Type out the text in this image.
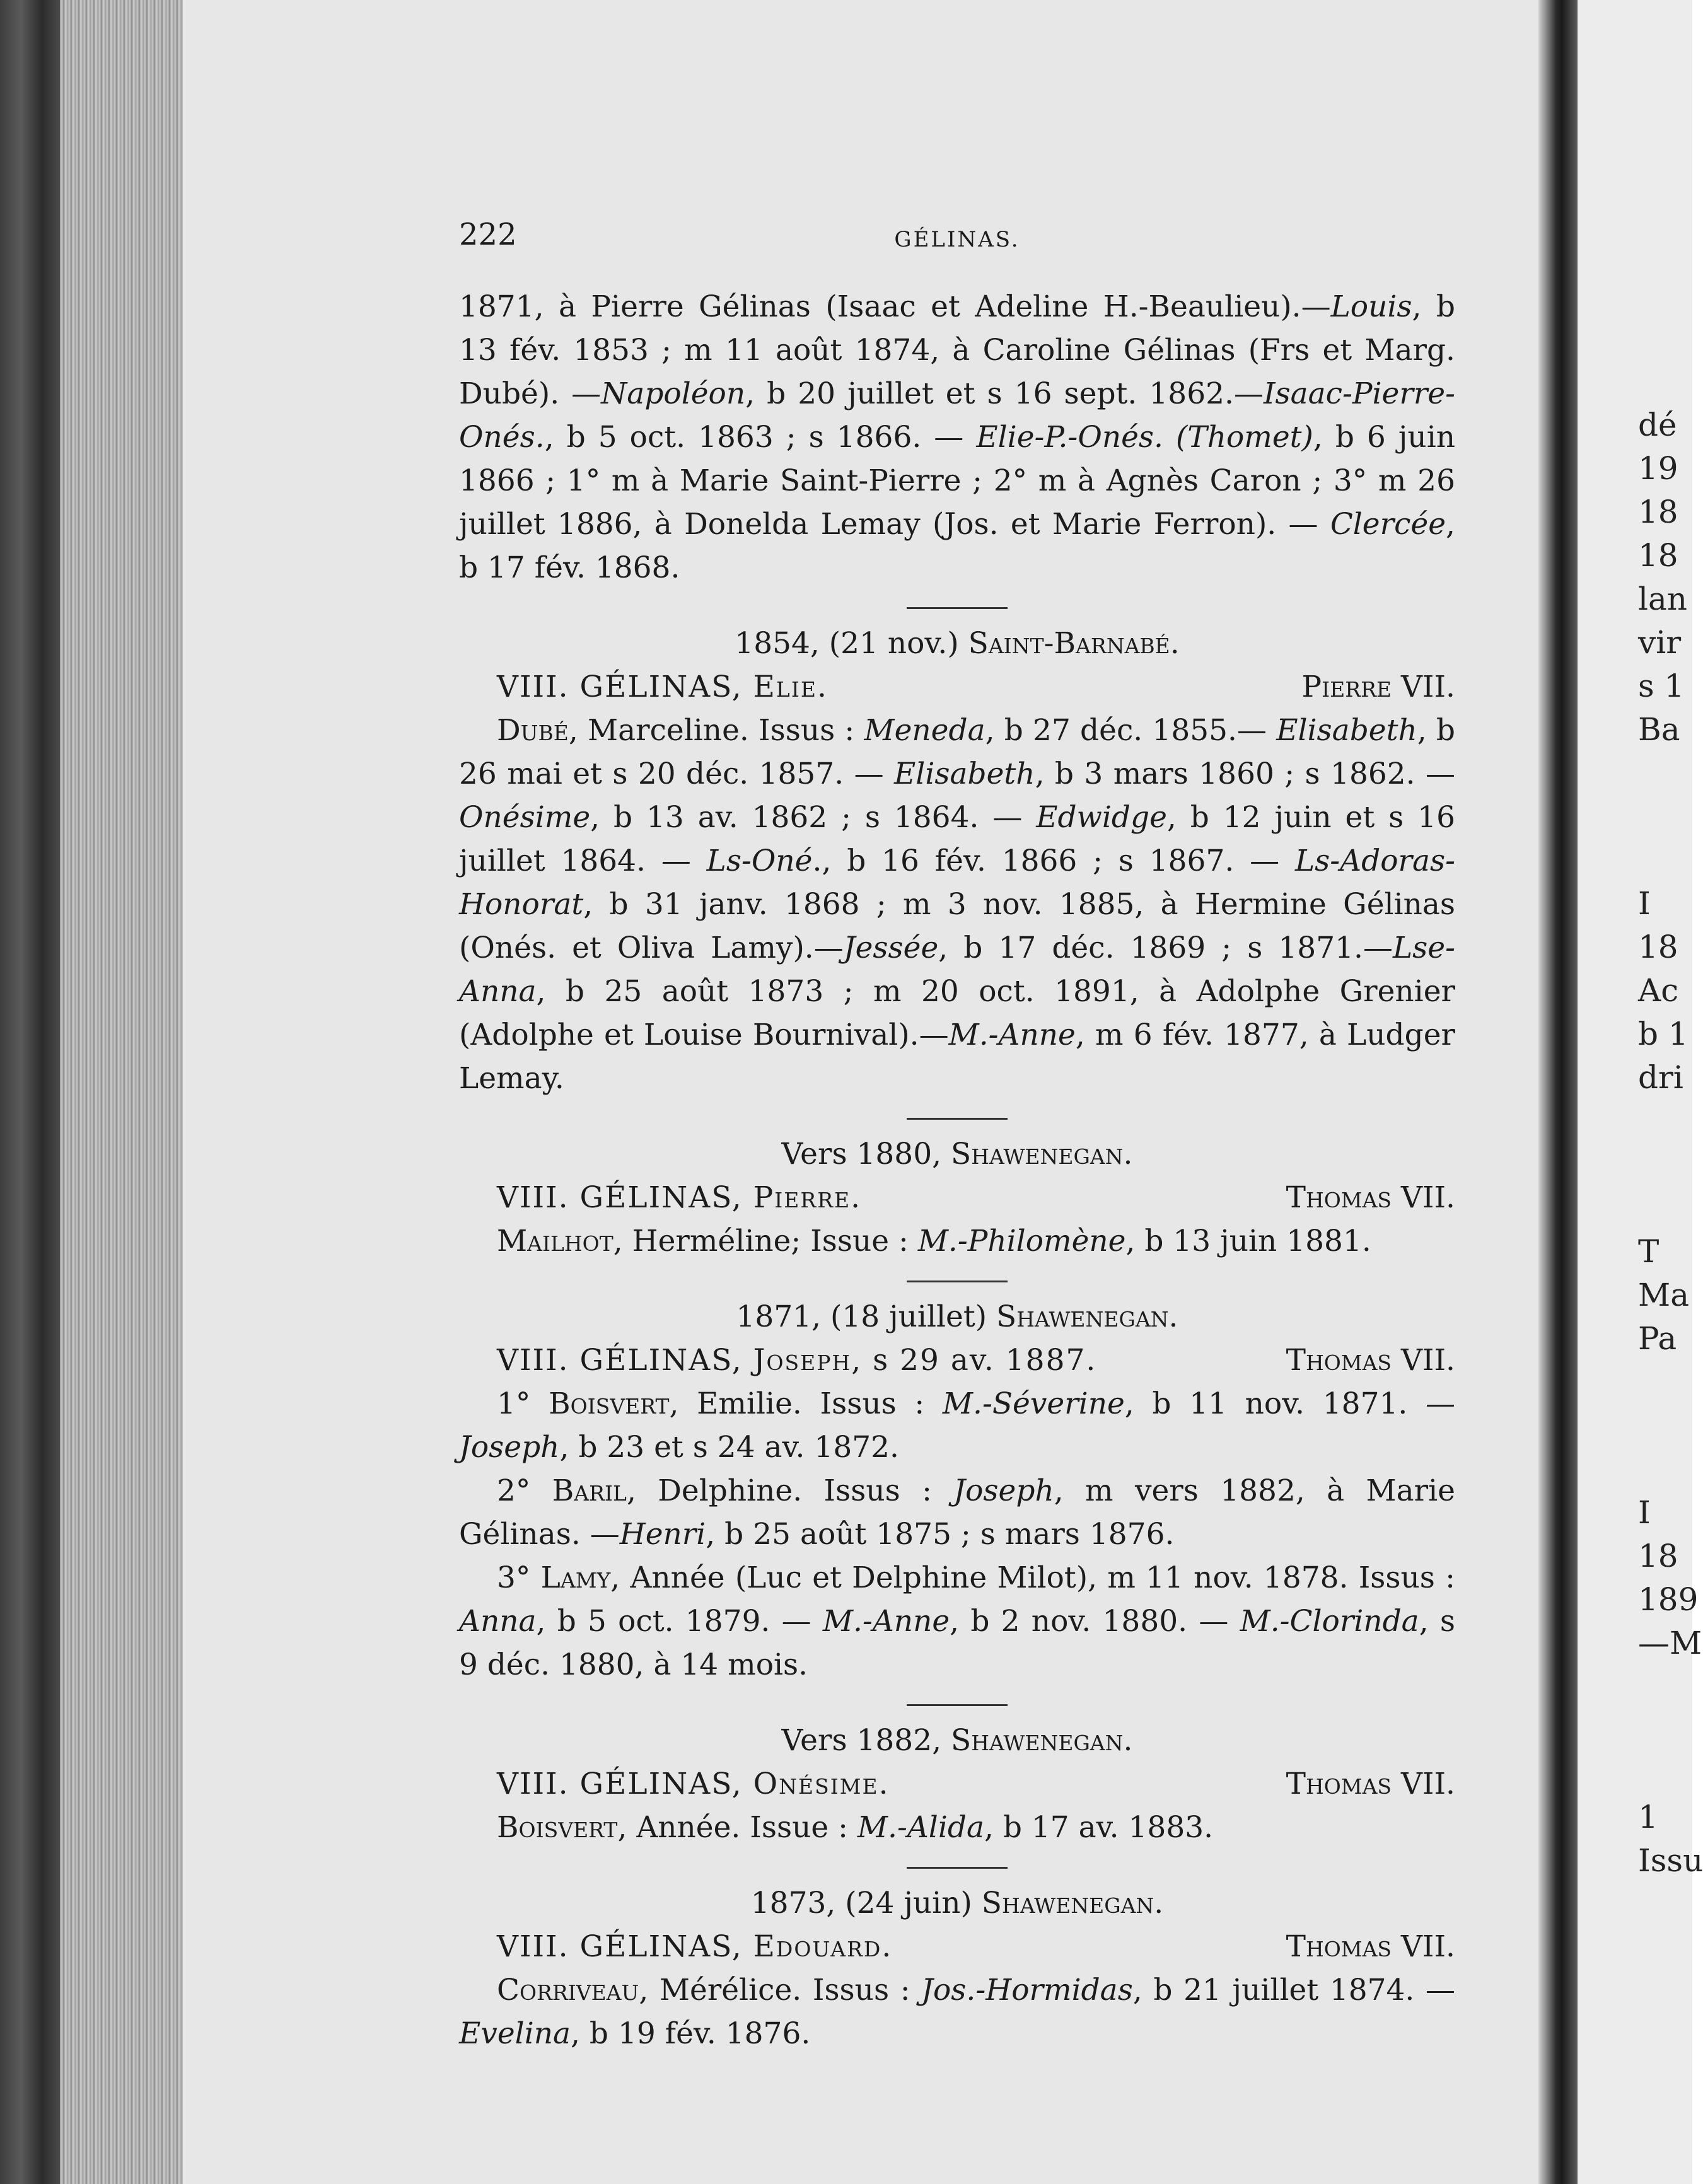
dé
19
18
18
lan
vir
s 1
Ba

I
18
Ac
b 1
dri

T
Ma
Pa

I
18
189
—M

1
Issu
222	GÉLINAS.

1871, à Pierre Gélinas (Isaac et Adeline H.-Beaulieu).—Louis, b 13 fév. 1853 ; m 11 août 1874, à Caroline Gélinas (Frs et Marg. Dubé). —Napoléon, b 20 juillet et s 16 sept. 1862.—Isaac-Pierre-Onés., b 5 oct. 1863 ; s 1866. — Elie-P.-Onés. (Thomet), b 6 juin 1866 ; 1° m à Marie Saint-Pierre ; 2° m à Agnès Caron ; 3° m 26 juillet 1886, à Donelda Lemay (Jos. et Marie Ferron). — Clercée, b 17 fév. 1868.

1854, (21 nov.) Saint-Barnabé.

VIII. GÉLINAS, Elie.	Pierre VII.

Dubé, Marceline. Issus : Meneda, b 27 déc. 1855.— Elisabeth, b 26 mai et s 20 déc. 1857. — Elisabeth, b 3 mars 1860 ; s 1862. — Onésime, b 13 av. 1862 ; s 1864. — Edwidge, b 12 juin et s 16 juillet 1864. — Ls-Oné., b 16 fév. 1866 ; s 1867. — Ls-Adoras-Honorat, b 31 janv. 1868 ; m 3 nov. 1885, à Hermine Gélinas (Onés. et Oliva Lamy).—Jessée, b 17 déc. 1869 ; s 1871.—Lse-Anna, b 25 août 1873 ; m 20 oct. 1891, à Adolphe Grenier (Adolphe et Louise Bournival).—M.-Anne, m 6 fév. 1877, à Ludger Lemay.

Vers 1880, Shawenegan.

VIII. GÉLINAS, Pierre.	Thomas VII.

Mailhot, Herméline; Issue : M.-Philomène, b 13 juin 1881.

1871, (18 juillet) Shawenegan.

VIII. GÉLINAS, Joseph, s 29 av. 1887.	Thomas VII.

1° Boisvert, Emilie. Issus : M.-Séverine, b 11 nov. 1871. — Joseph, b 23 et s 24 av. 1872.

2° Baril, Delphine. Issus : Joseph, m vers 1882, à Marie Gélinas. —Henri, b 25 août 1875 ; s mars 1876.

3° Lamy, Année (Luc et Delphine Milot), m 11 nov. 1878. Issus : Anna, b 5 oct. 1879. — M.-Anne, b 2 nov. 1880. — M.-Clorinda, s 9 déc. 1880, à 14 mois.

Vers 1882, Shawenegan.

VIII. GÉLINAS, Onésime.	Thomas VII.

Boisvert, Année. Issue : M.-Alida, b 17 av. 1883.

1873, (24 juin) Shawenegan.

VIII. GÉLINAS, Edouard.	Thomas VII.

Corriveau, Mérélice. Issus : Jos.-Hormidas, b 21 juillet 1874. —Evelina, b 19 fév. 1876.
